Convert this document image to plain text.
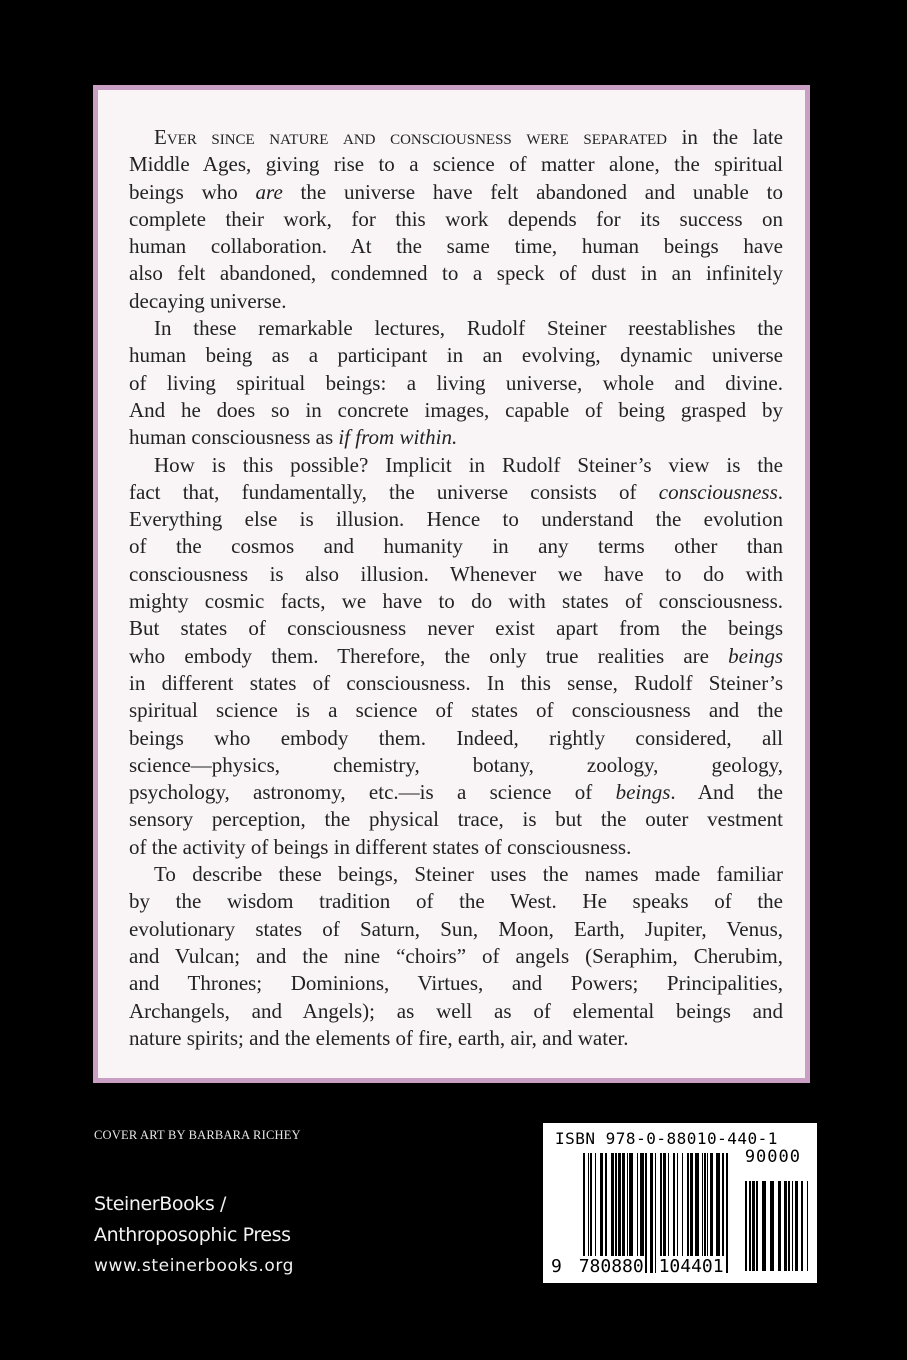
Ever since nature and consciousness were separated in the late
Middle Ages, giving rise to a science of matter alone, the spiritual
beings who are the universe have felt abandoned and unable to
complete their work, for this work depends for its success on
human collaboration. At the same time, human beings have
also felt abandoned, condemned to a speck of dust in an infinitely
decaying universe.
In these remarkable lectures, Rudolf Steiner reestablishes the
human being as a participant in an evolving, dynamic universe
of living spiritual beings: a living universe, whole and divine.
And he does so in concrete images, capable of being grasped by
human consciousness as if from within.
How is this possible? Implicit in Rudolf Steiner’s view is the
fact that, fundamentally, the universe consists of consciousness.
Everything else is illusion. Hence to understand the evolution
of the cosmos and humanity in any terms other than
consciousness is also illusion. Whenever we have to do with
mighty cosmic facts, we have to do with states of consciousness.
But states of consciousness never exist apart from the beings
who embody them. Therefore, the only true realities are beings
in different states of consciousness. In this sense, Rudolf Steiner’s
spiritual science is a science of states of consciousness and the
beings who embody them. Indeed, rightly considered, all
science—physics, chemistry, botany, zoology, geology,
psychology, astronomy, etc.—is a science of beings. And the
sensory perception, the physical trace, is but the outer vestment
of the activity of beings in different states of consciousness.
To describe these beings, Steiner uses the names made familiar
by the wisdom tradition of the West. He speaks of the
evolutionary states of Saturn, Sun, Moon, Earth, Jupiter, Venus,
and Vulcan; and the nine “choirs” of angels (Seraphim, Cherubim,
and Thrones; Dominions, Virtues, and Powers; Principalities,
Archangels, and Angels); as well as of elemental beings and
nature spirits; and the elements of fire, earth, air, and water.
COVER ART BY BARBARA RICHEY
SteinerBooks /
Anthroposophic Press
www.steinerbooks.org
ISBN 978-0-88010-440-1
90000
9 780880 104401
